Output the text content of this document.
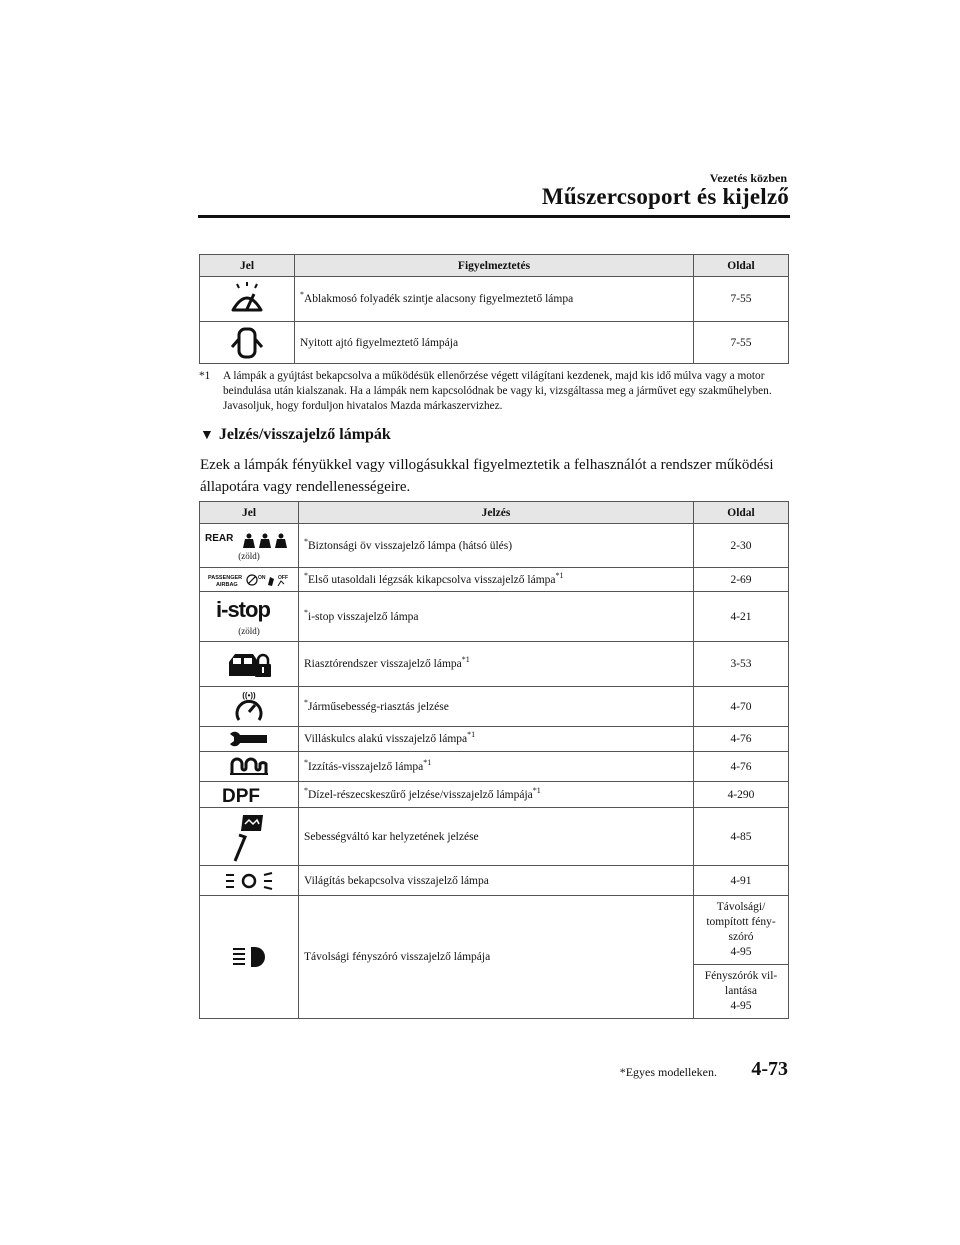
Vezetés közben
Műszercsoport és kijelző
Jel	Figyelmeztetés	Oldal
	*Ablakmosó folyadék szintje alacsony figyelmeztető lámpa	7-55
	Nyitott ajtó figyelmeztető lámpája	7-55
*1 A lámpák a gyújtást bekapcsolva a működésük ellenőrzése végett világítani kezdenek, majd kis idő múlva vagy a motor beindulása után kialszanak. Ha a lámpák nem kapcsolódnak be vagy ki, vizsgáltassa meg a járművet egy szakműhelyben. Javasoljuk, hogy forduljon hivatalos Mazda márkaszervizhez.
▼ Jelzés/visszajelző lámpák
Ezek a lámpák fényükkel vagy villogásukkal figyelmeztetik a felhasználót a rendszer működési állapotára vagy rendellenességeire.
Jel	Jelzés	Oldal

REAR
(zöld)	*Biztonsági öv visszajelző lámpa (hátsó ülés)	2-30

PASSENGER
AIRBAG
ON OFF	*Első utasoldali légzsák kikapcsolva visszajelző lámpa$^{*1}$	2-69

i-stop
(zöld)	*i-stop visszajelző lámpa	4-21
	Riasztórendszer visszajelző lámpa$^{*1}$	3-53

((•))	*Járműsebesség-riasztás jelzése	4-70
	Villáskulcs alakú visszajelző lámpa$^{*1}$	4-76
	*Izzítás-visszajelző lámpa$^{*1}$	4-76

DPF	*Dízel-részecskeszűrő jelzése/visszajelző lámpája$^{*1}$	4-290
	Sebességváltó kar helyzetének jelzése	4-85
	Világítás bekapcsolva visszajelző lámpa	4-91
	Távolsági fényszóró visszajelző lámpája	Távolsági/ tompított fény-szóró
4-95

		Fényszórók vil-lantása
4-95
*Egyes modelleken. 4-73
